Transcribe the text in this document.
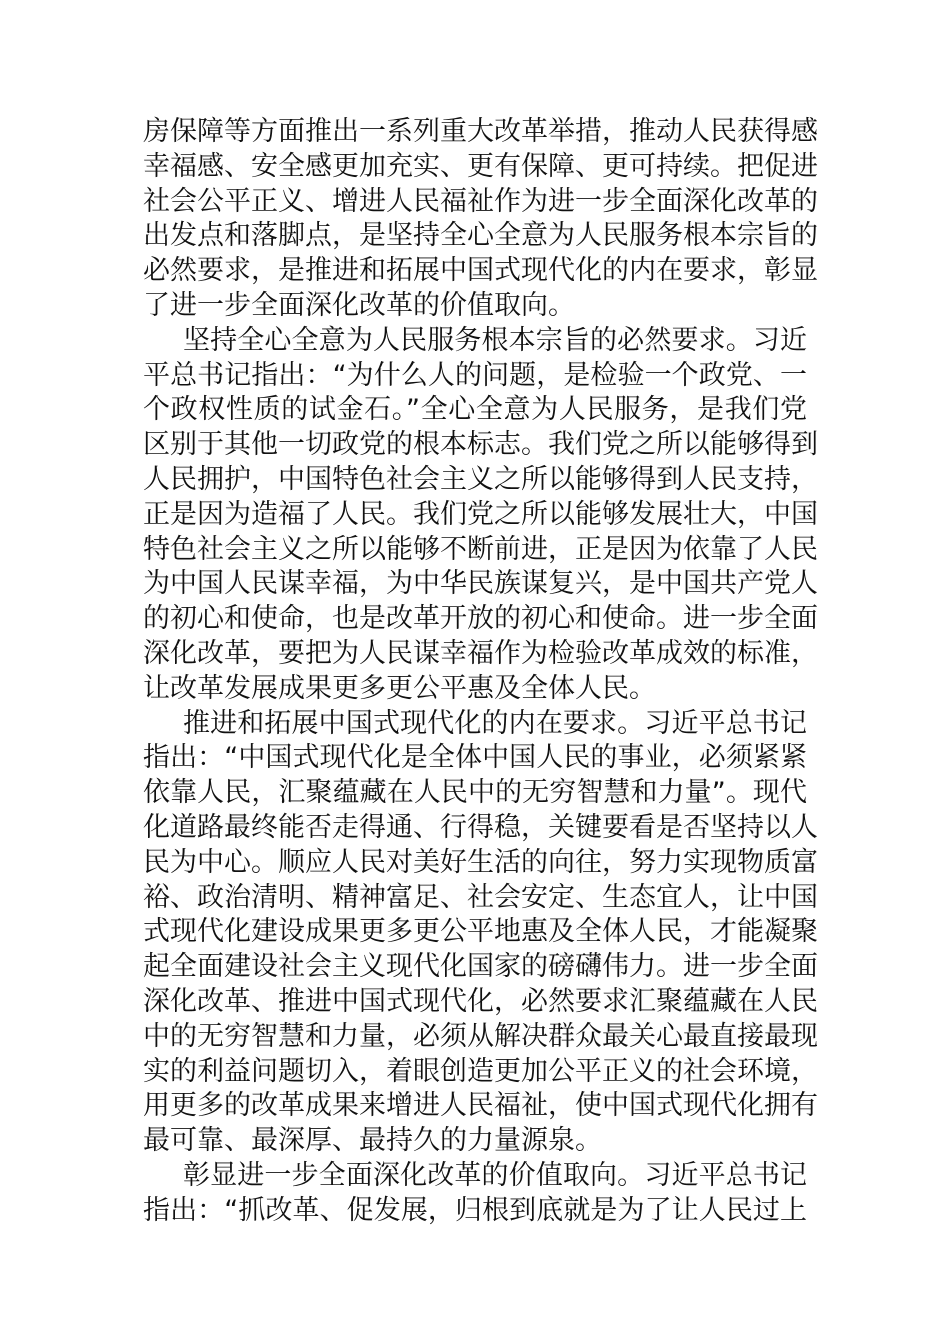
房保障等方面推出一系列重大改革举措，推动人民获得感
幸福感、安全感更加充实、更有保障、更可持续。把促进
社会公平正义、增进人民福祉作为进一步全面深化改革的
出发点和落脚点，是坚持全心全意为人民服务根本宗旨的
必然要求，是推进和拓展中国式现代化的内在要求，彰显
了进一步全面深化改革的价值取向。
坚持全心全意为人民服务根本宗旨的必然要求。习近
平总书记指出：“为什么人的问题，是检验一个政党、一
个政权性质的试金石。”全心全意为人民服务，是我们党
区别于其他一切政党的根本标志。我们党之所以能够得到
人民拥护，中国特色社会主义之所以能够得到人民支持，
正是因为造福了人民。我们党之所以能够发展壮大，中国
特色社会主义之所以能够不断前进，正是因为依靠了人民
为中国人民谋幸福，为中华民族谋复兴，是中国共产党人
的初心和使命，也是改革开放的初心和使命。进一步全面
深化改革，要把为人民谋幸福作为检验改革成效的标准，
让改革发展成果更多更公平惠及全体人民。
推进和拓展中国式现代化的内在要求。习近平总书记
指出：“中国式现代化是全体中国人民的事业，必须紧紧
依靠人民，汇聚蕴藏在人民中的无穷智慧和力量”。现代
化道路最终能否走得通、行得稳，关键要看是否坚持以人
民为中心。顺应人民对美好生活的向往，努力实现物质富
裕、政治清明、精神富足、社会安定、生态宜人，让中国
式现代化建设成果更多更公平地惠及全体人民，才能凝聚
起全面建设社会主义现代化国家的磅礴伟力。进一步全面
深化改革、推进中国式现代化，必然要求汇聚蕴藏在人民
中的无穷智慧和力量，必须从解决群众最关心最直接最现
实的利益问题切入，着眼创造更加公平正义的社会环境，
用更多的改革成果来增进人民福祉，使中国式现代化拥有
最可靠、最深厚、最持久的力量源泉。
彰显进一步全面深化改革的价值取向。习近平总书记
指出：“抓改革、促发展，归根到底就是为了让人民过上
